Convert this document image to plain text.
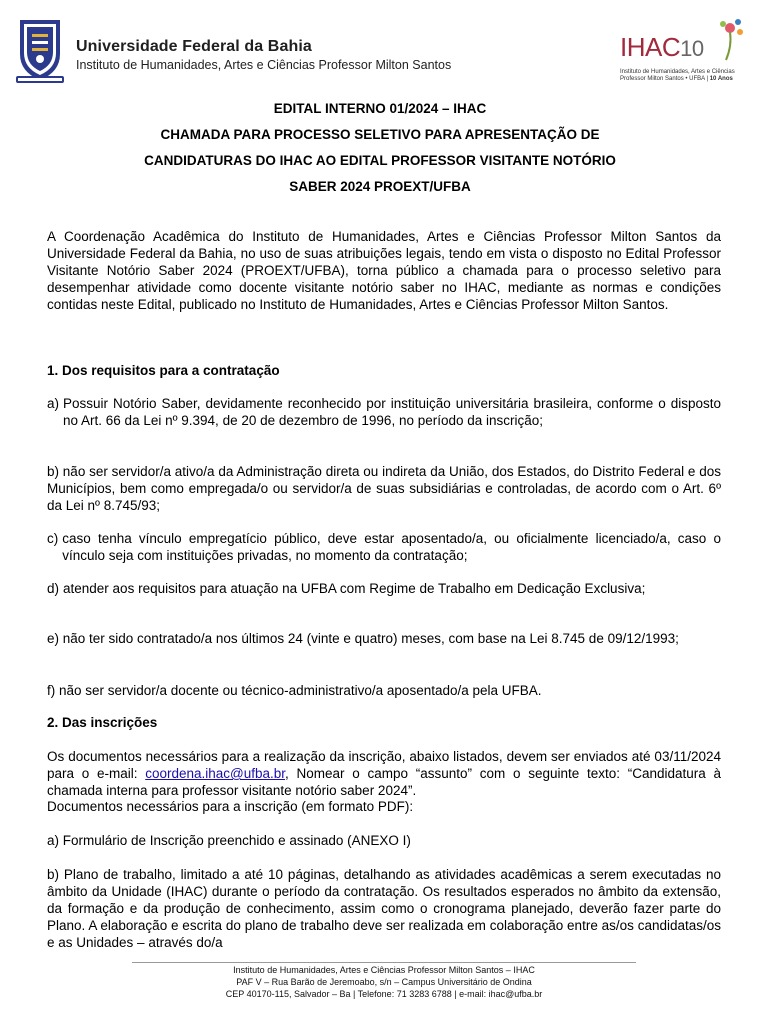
Universidade Federal da Bahia
Instituto de Humanidades, Artes e Ciências Professor Milton Santos
IHAC10
Instituto de Humanidades, Artes e Ciências
Professor Milton Santos • UFBA | 10 Anos
EDITAL INTERNO 01/2024 – IHAC
CHAMADA PARA PROCESSO SELETIVO PARA APRESENTAÇÃO DE
CANDIDATURAS DO IHAC AO EDITAL PROFESSOR VISITANTE NOTÓRIO
SABER 2024 PROEXT/UFBA
A Coordenação Acadêmica do Instituto de Humanidades, Artes e Ciências Professor Milton Santos da Universidade Federal da Bahia, no uso de suas atribuições legais, tendo em vista o disposto no Edital Professor Visitante Notório Saber 2024 (PROEXT/UFBA), torna público a chamada para o processo seletivo para desempenhar atividade como docente visitante notório saber no IHAC, mediante as normas e condições contidas neste Edital, publicado no Instituto de Humanidades, Artes e Ciências Professor Milton Santos.
1. Dos requisitos para a contratação
a) Possuir Notório Saber, devidamente reconhecido por instituição universitária brasileira, conforme o disposto no Art. 66 da Lei nº 9.394, de 20 de dezembro de 1996, no período da inscrição;
b) não ser servidor/a ativo/a da Administração direta ou indireta da União, dos Estados, do Distrito Federal e dos Municípios, bem como empregada/o ou servidor/a de suas subsidiárias e controladas, de acordo com o Art. 6º da Lei nº 8.745/93;
c) caso tenha vínculo empregatício público, deve estar aposentado/a, ou oficialmente licenciado/a, caso o vínculo seja com instituições privadas, no momento da contratação;
d) atender aos requisitos para atuação na UFBA com Regime de Trabalho em Dedicação Exclusiva;
e) não ter sido contratado/a nos últimos 24 (vinte e quatro) meses, com base na Lei 8.745 de 09/12/1993;
f) não ser servidor/a docente ou técnico-administrativo/a aposentado/a pela UFBA.
2. Das inscrições
Os documentos necessários para a realização da inscrição, abaixo listados, devem ser enviados até 03/11/2024 para o e-mail: coordena.ihac@ufba.br, Nomear o campo “assunto” com o seguinte texto: “Candidatura à chamada interna para professor visitante notório saber 2024”.
Documentos necessários para a inscrição (em formato PDF):
a) Formulário de Inscrição preenchido e assinado (ANEXO I)
b) Plano de trabalho, limitado a até 10 páginas, detalhando as atividades acadêmicas a serem executadas no âmbito da Unidade (IHAC) durante o período da contratação. Os resultados esperados no âmbito da extensão, da formação e da produção de conhecimento, assim como o cronograma planejado, deverão fazer parte do Plano. A elaboração e escrita do plano de trabalho deve ser realizada em colaboração entre as/os candidatas/os e as Unidades – através do/a
Instituto de Humanidades, Artes e Ciências Professor Milton Santos – IHAC
PAF V – Rua Barão de Jeremoabo, s/n – Campus Universitário de Ondina
CEP 40170-115, Salvador – Ba | Telefone: 71 3283 6788 | e-mail: ihac@ufba.br
